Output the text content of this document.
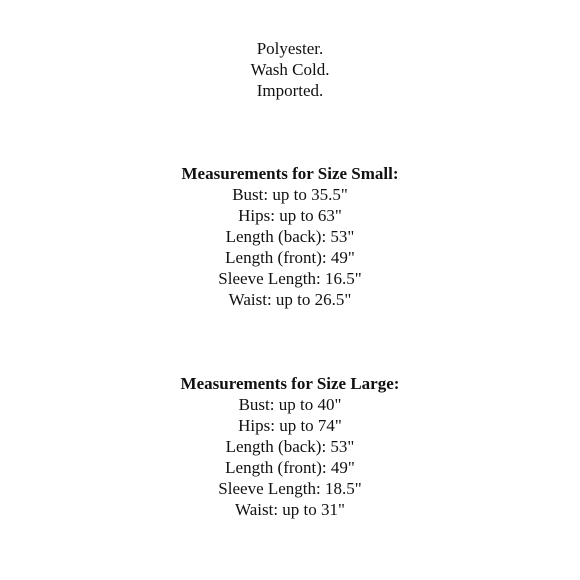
Polyester.
Wash Cold.
Imported.
Measurements for Size Small:
Bust: up to 35.5"
Hips: up to 63"
Length (back): 53"
Length (front): 49"
Sleeve Length: 16.5"
Waist: up to 26.5"
Measurements for Size Large:
Bust: up to 40"
Hips: up to 74"
Length (back): 53"
Length (front): 49"
Sleeve Length: 18.5"
Waist: up to 31"
